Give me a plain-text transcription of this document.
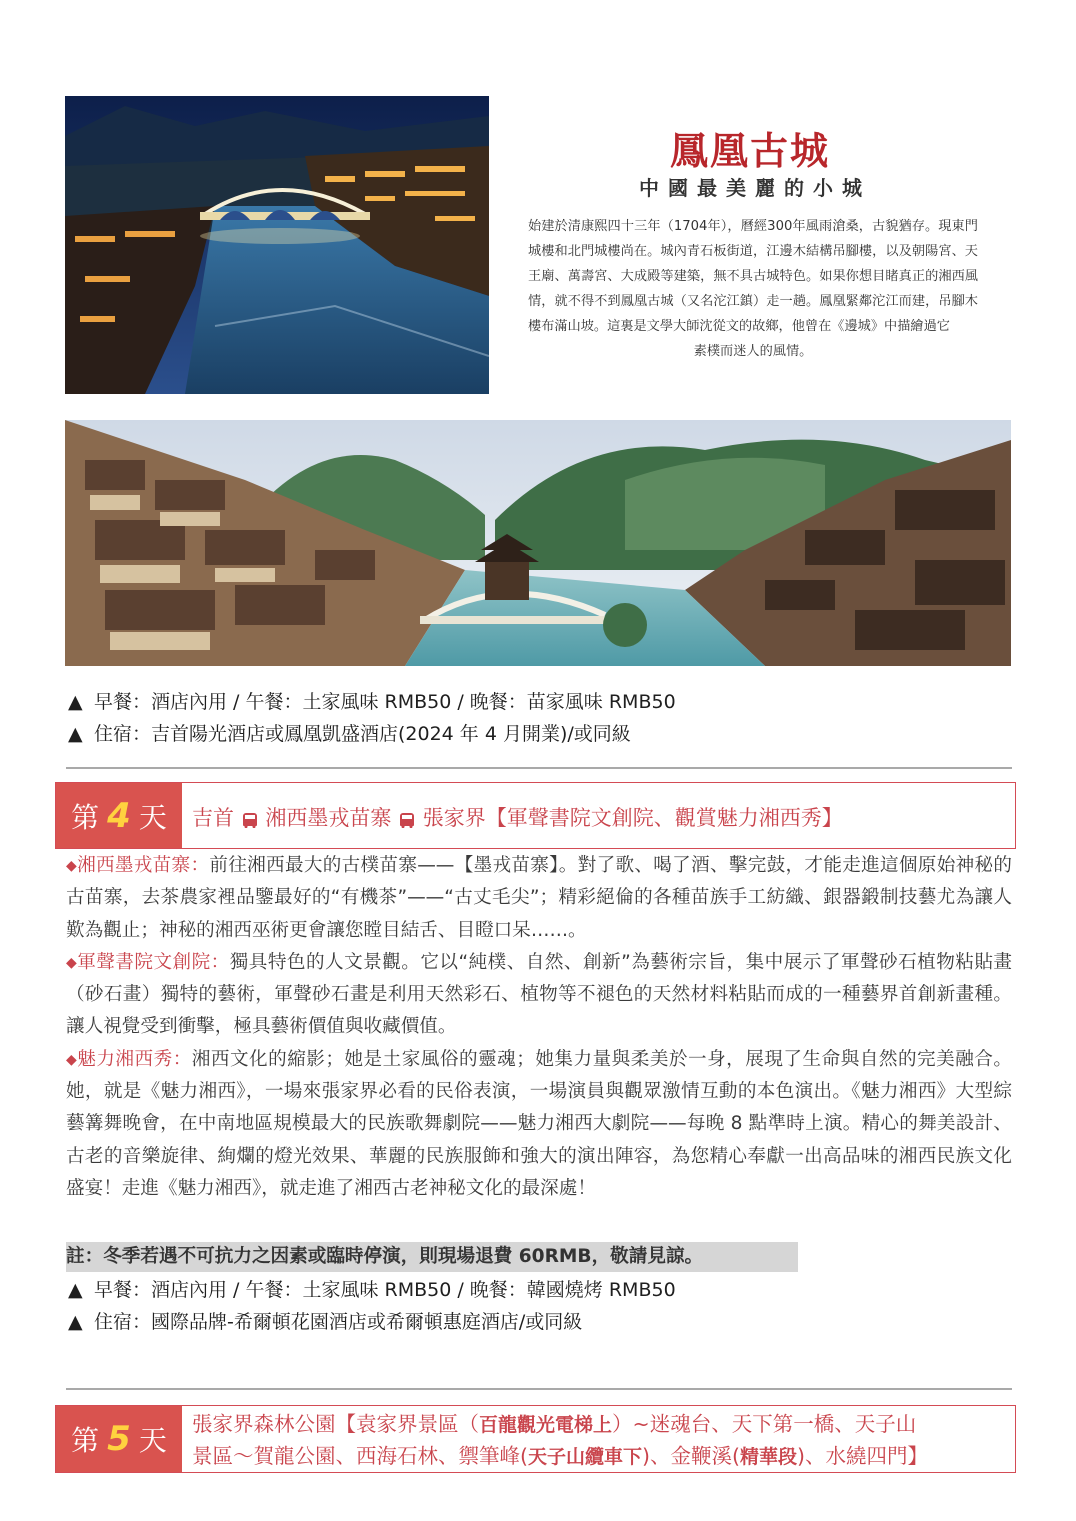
鳳凰古城
中國最美麗的小城
始建於清康熙四十三年（1704年），曆經300年風雨滄桑，古貌猶存。現東門城樓和北門城樓尚在。城內青石板街道，江邊木結構吊腳樓，以及朝陽宮、天王廟、萬壽宮、大成殿等建築，無不具古城特色。如果你想目睹真正的湘西風情，就不得不到鳳凰古城（又名沱江鎮）走一趟。鳳凰緊鄰沱江而建，吊腳木樓布滿山坡。這裏是文學大師沈從文的故鄉，他曾在《邊城》中描繪過它
素樸而迷人的風情。
▲ 早餐：酒店內用 / 午餐：土家風味 RMB50 / 晚餐：苗家風味 RMB50
▲ 住宿：吉首陽光酒店或鳳凰凱盛酒店(2024 年 4 月開業)/或同級
第 4 天 吉首 湘西墨戎苗寨 張家界【軍聲書院文創院、觀賞魅力湘西秀】

◆湘西墨戎苗寨：前往湘西最大的古樸苗寨——【墨戎苗寨】。對了歌、喝了酒、擊完鼓，才能走進這個原始神秘的古苗寨，去茶農家裡品鑒最好的“有機茶”——“古丈毛尖”；精彩絕倫的各種苗族手工紡織、銀器鍛制技藝尤為讓人歎為觀止；神秘的湘西巫術更會讓您瞠目結舌、目瞪口呆……。

◆軍聲書院文創院：獨具特色的人文景觀。它以“純樸、自然、創新”為藝術宗旨，集中展示了軍聲砂石植物粘貼畫（砂石畫）獨特的藝術，軍聲砂石畫是利用天然彩石、植物等不褪色的天然材料粘貼而成的一種藝界首創新畫種。讓人視覺受到衝擊，極具藝術價值與收藏價值。

◆魅力湘西秀：湘西文化的縮影；她是土家風俗的靈魂；她集力量與柔美於一身，展現了生命與自然的完美融合。她，就是《魅力湘西》，一場來張家界必看的民俗表演，一場演員與觀眾激情互動的本色演出。《魅力湘西》大型綜藝篝舞晚會，在中南地區規模最大的民族歌舞劇院——魅力湘西大劇院——每晚 8 點準時上演。精心的舞美設計、古老的音樂旋律、絢爛的燈光效果、華麗的民族服飾和強大的演出陣容，為您精心奉獻一出高品味的湘西民族文化盛宴！走進《魅力湘西》，就走進了湘西古老神秘文化的最深處！

註：冬季若遇不可抗力之因素或臨時停演，則現場退費 60RMB，敬請見諒。
▲ 早餐：酒店內用 / 午餐：土家風味 RMB50 / 晚餐：韓國燒烤 RMB50
▲ 住宿：國際品牌-希爾頓花園酒店或希爾頓惠庭酒店/或同級
第 5 天 張家界森林公園【袁家界景區（百龍觀光電梯上）~迷魂台、天下第一橋、天子山
景區～賀龍公園、西海石林、禦筆峰(天子山纜車下)、金鞭溪(精華段)、水繞四門】
